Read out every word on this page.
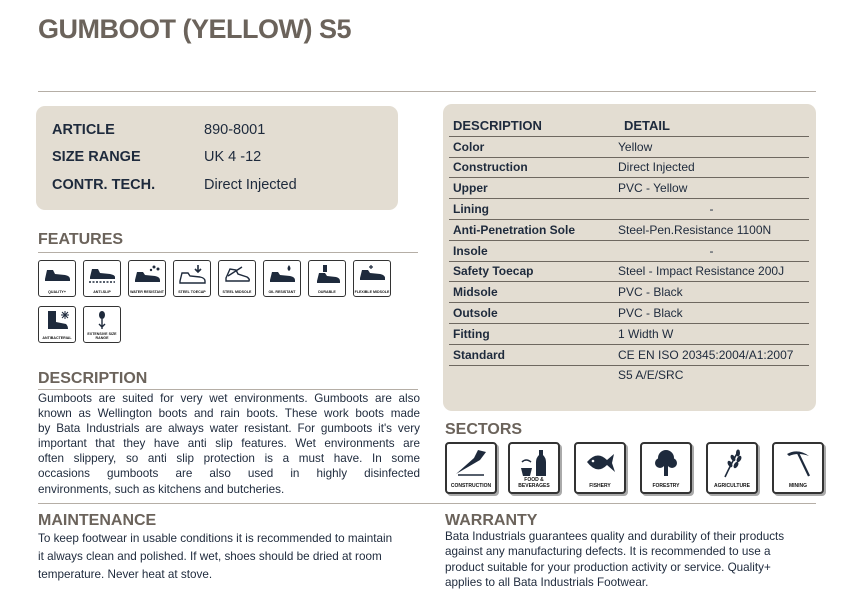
GUMBOOT (YELLOW) S5
ARTICLE	890-8001
SIZE RANGE	UK 4 -12
CONTR. TECH.	Direct Injected
FEATURES
QUALITY+	ANTI-SLIP	WATER RESISTANT	STEEL TOECAP	STEEL MIDSOLE	OIL RESISTANT	DURABLE	FLEXIBLE MIDSOLE
ANTIBACTERIAL
EXTENSIVE SIZE RANGE
DESCRIPTION
Gumboots are suited for very wet environments. Gumboots are also
known as Wellington boots and rain boots. These work boots made
by Bata Industrials are always water resistant. For gumboots it's very
important that they have anti slip features. Wet environments are
often slippery, so anti slip protection is a must have. In some
occasions gumboots are also used in highly disinfected
environments, such as kitchens and butcheries.
MAINTENANCE
To keep footwear in usable conditions it is recommended to maintain
it always clean and polished. If wet, shoes should be dried at room
temperature. Never heat at stove.
DESCRIPTION	DETAIL
Color	Yellow
Construction	Direct Injected
Upper	PVC - Yellow
Lining	-
Anti-Penetration Sole	Steel-Pen.Resistance 1100N
Insole	-
Safety Toecap	Steel - Impact Resistance 200J
Midsole	PVC - Black
Outsole	PVC - Black
Fitting	1 Width W
Standard	CE EN ISO 20345:2004/A1:2007
	S5 A/E/SRC
SECTORS
CONSTRUCTION
FOOD & BEVERAGES	FISHERY	FORESTRY	AGRICULTURE	MINING
WARRANTY
Bata Industrials guarantees quality and durability of their products
against any manufacturing defects. It is recommended to use a
product suitable for your production activity or service. Quality+
applies to all Bata Industrials Footwear.
